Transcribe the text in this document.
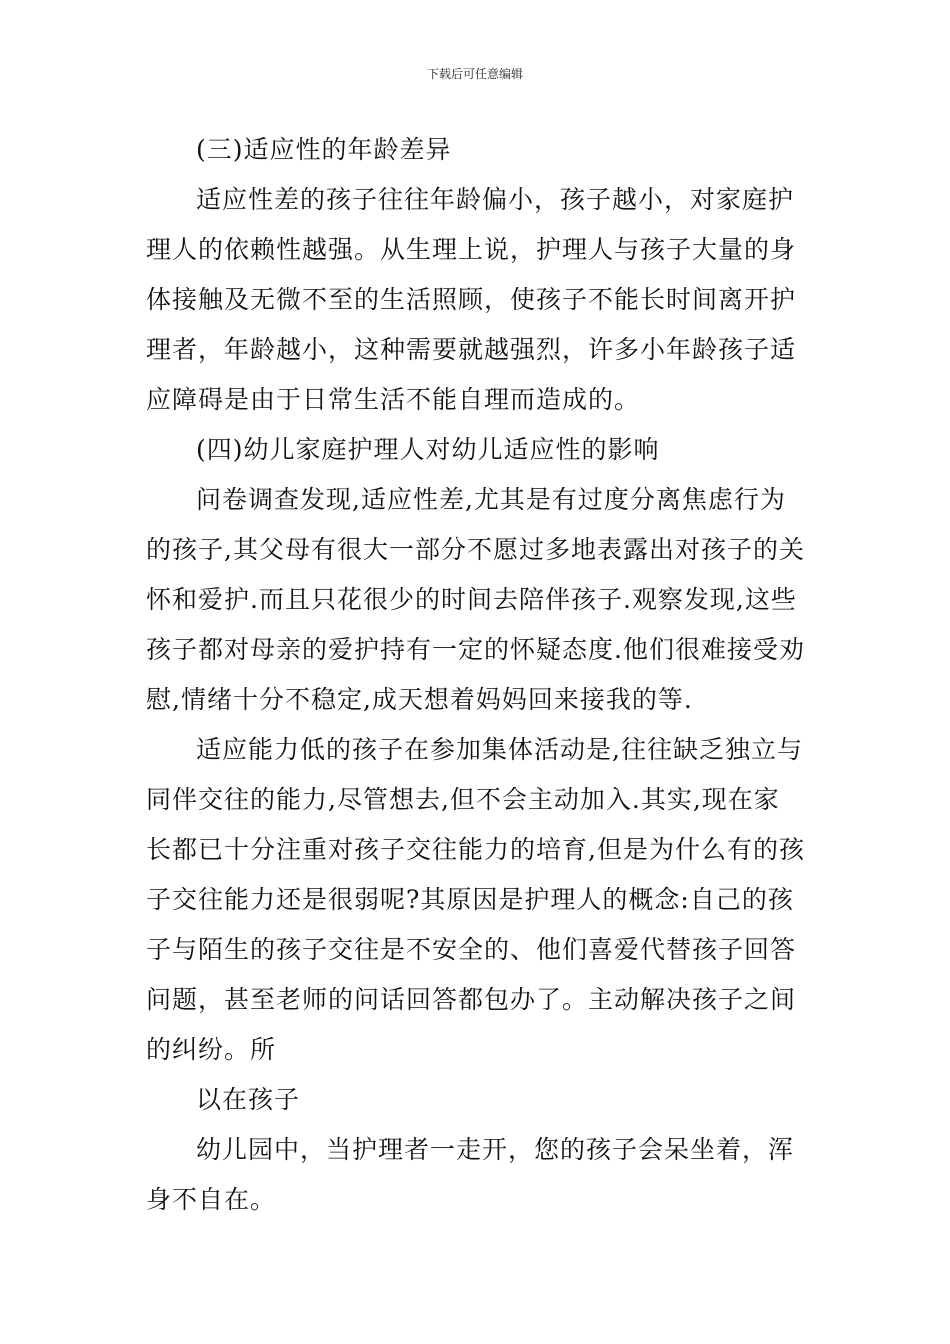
下载后可任意编辑

(三)适应性的年龄差异

适应性差的孩子往往年龄偏小，孩子越小，对家庭护
理人的依赖性越强。从生理上说，护理人与孩子大量的身
体接触及无微不至的生活照顾，使孩子不能长时间离开护
理者，年龄越小，这种需要就越强烈，许多小年龄孩子适
应障碍是由于日常生活不能自理而造成的。

(四)幼儿家庭护理人对幼儿适应性的影响

问卷调查发现,适应性差,尤其是有过度分离焦虑行为
的孩子,其父母有很大一部分不愿过多地表露出对孩子的关
怀和爱护.而且只花很少的时间去陪伴孩子.观察发现,这些
孩子都对母亲的爱护持有一定的怀疑态度.他们很难接受劝
慰,情绪十分不稳定,成天想着妈妈回来接我的等.

适应能力低的孩子在参加集体活动是,往往缺乏独立与
同伴交往的能力,尽管想去,但不会主动加入.其实,现在家
长都已十分注重对孩子交往能力的培育,但是为什么有的孩
子交往能力还是很弱呢?其原因是护理人的概念:自己的孩
子与陌生的孩子交往是不安全的、他们喜爱代替孩子回答
问题，甚至老师的问话回答都包办了。主动解决孩子之间
的纠纷。所

以在孩子

幼儿园中，当护理者一走开，您的孩子会呆坐着，浑
身不自在。
